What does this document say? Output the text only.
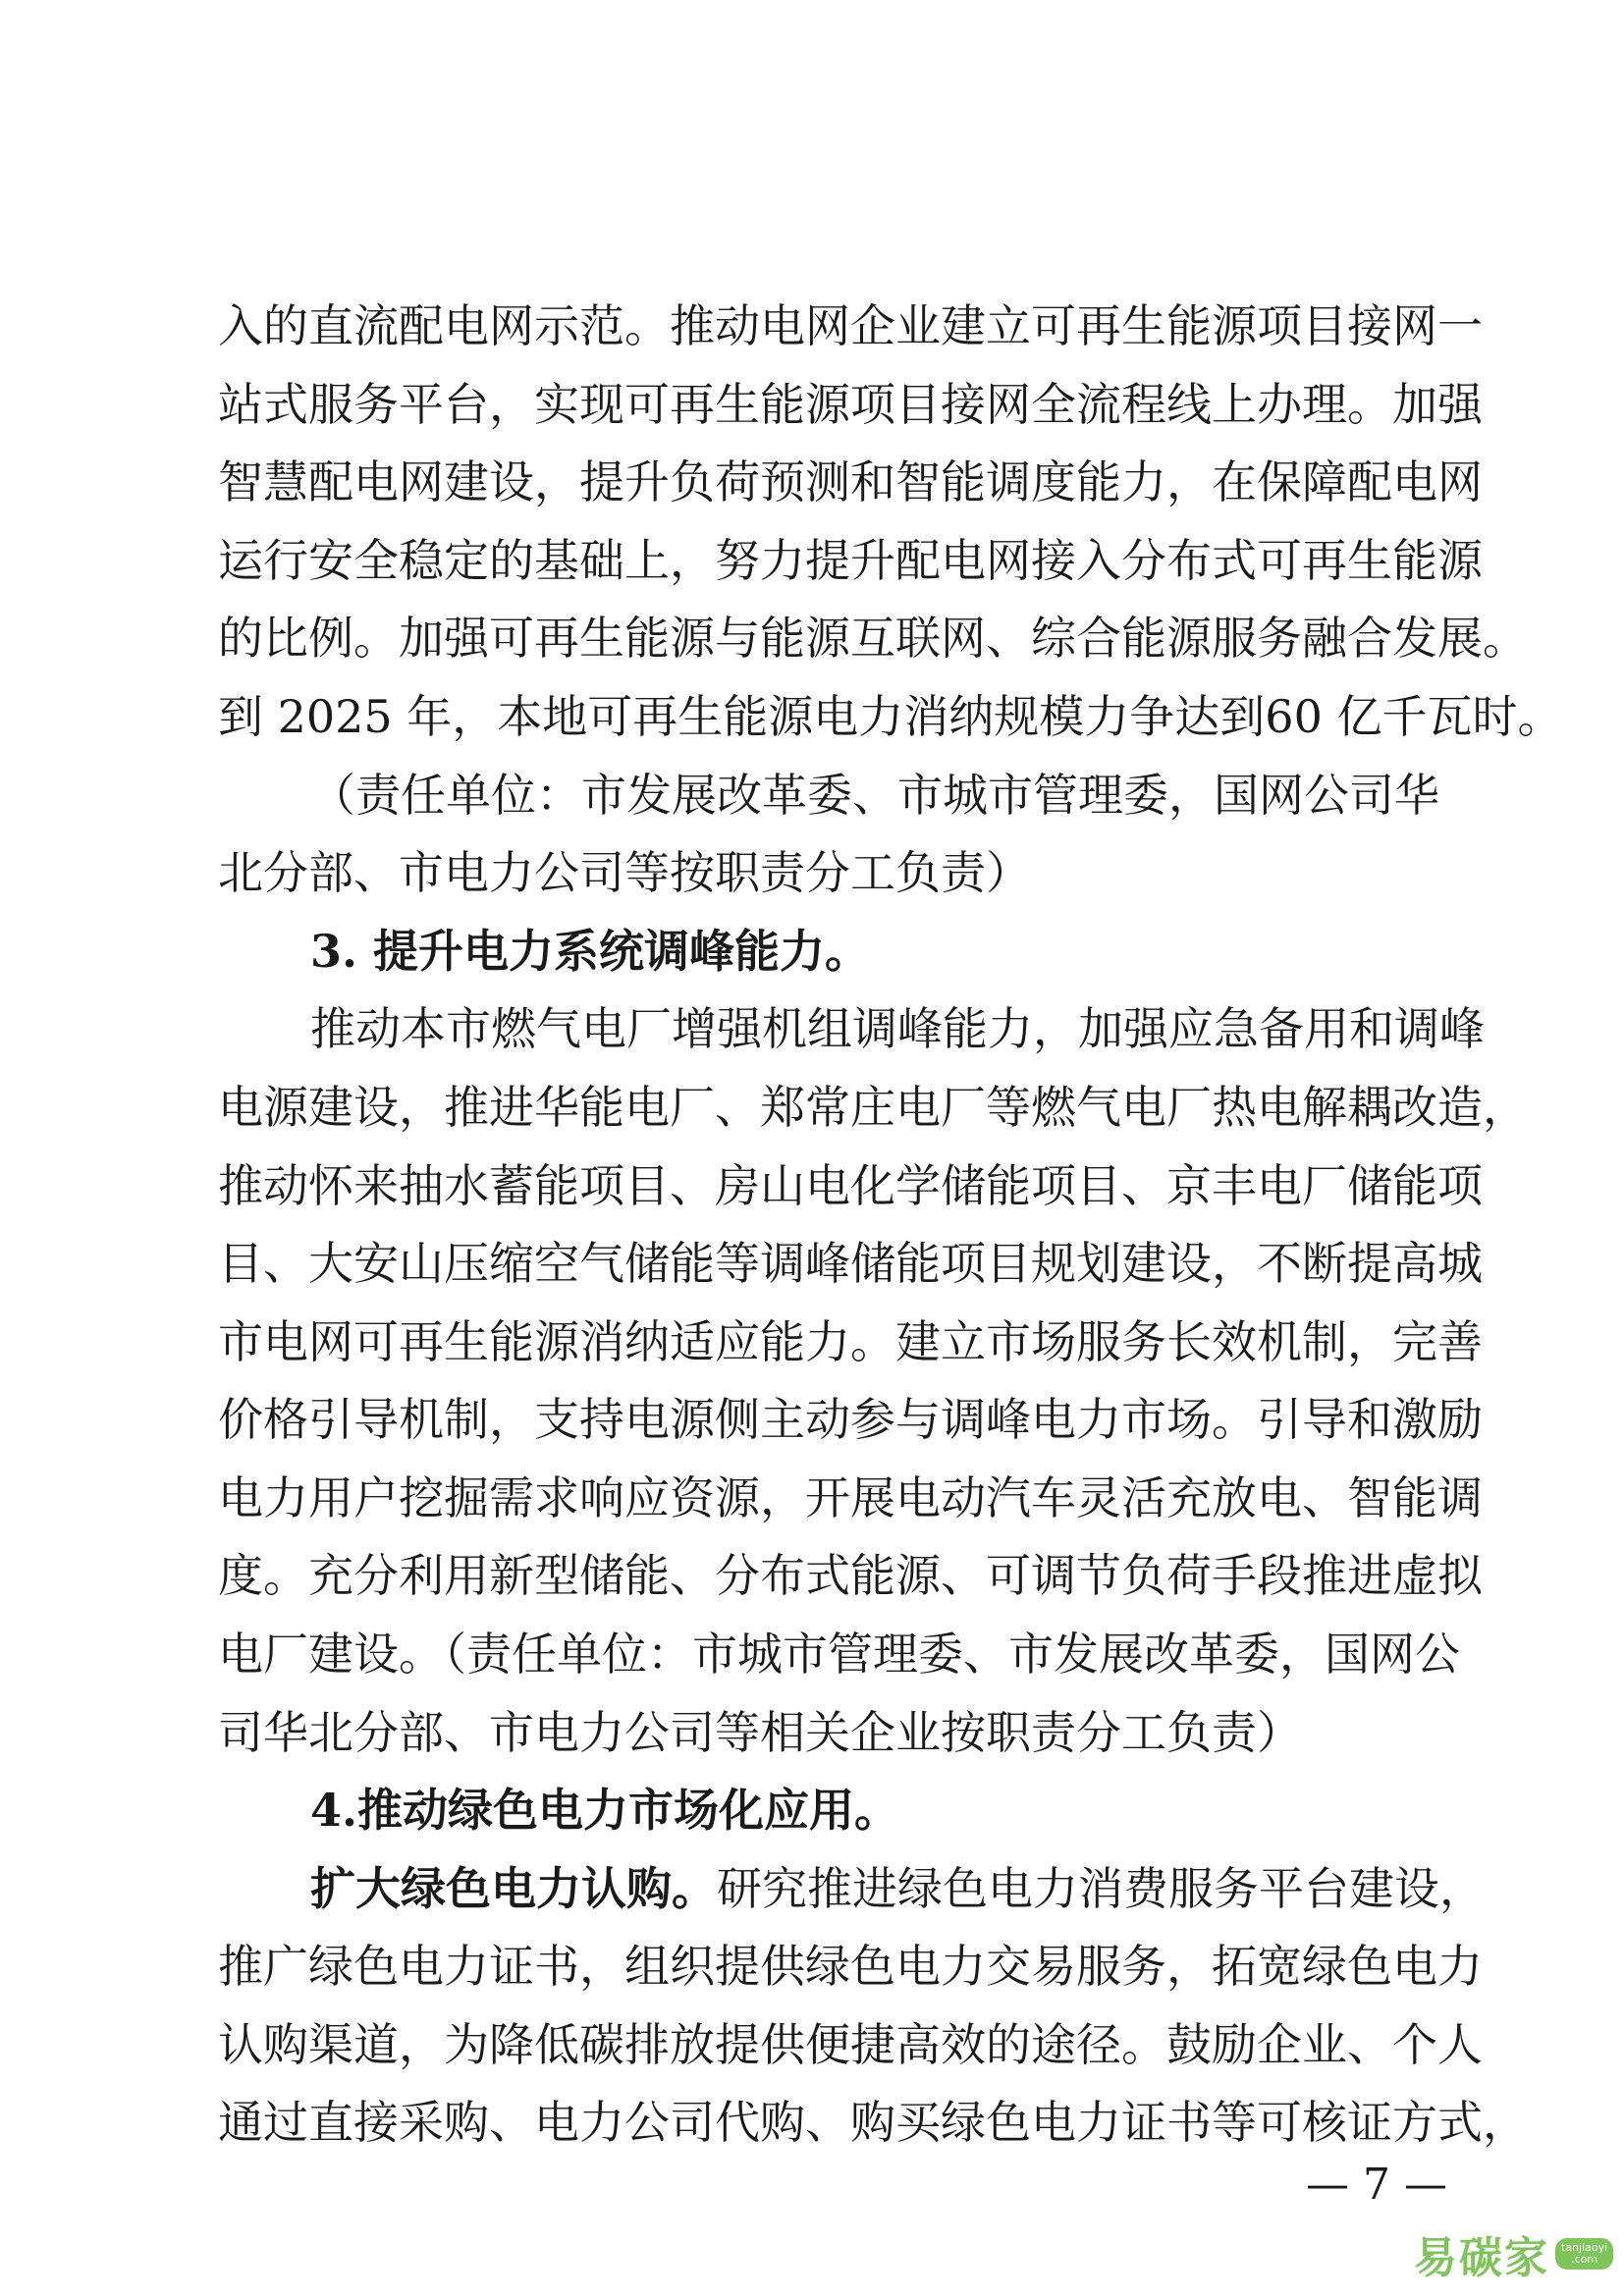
入的直流配电网示范。推动电网企业建立可再生能源项目接网一
站式服务平台，实现可再生能源项目接网全流程线上办理。加强
智慧配电网建设，提升负荷预测和智能调度能力，在保障配电网
运行安全稳定的基础上，努力提升配电网接入分布式可再生能源
的比例。加强可再生能源与能源互联网、综合能源服务融合发展。
到 2025 年，本地可再生能源电力消纳规模力争达到60 亿千瓦时。
（责任单位：市发展改革委、市城市管理委，国网公司华
北分部、市电力公司等按职责分工负责）
3. 提升电力系统调峰能力。
推动本市燃气电厂增强机组调峰能力，加强应急备用和调峰
电源建设，推进华能电厂、郑常庄电厂等燃气电厂热电解耦改造，
推动怀来抽水蓄能项目、房山电化学储能项目、京丰电厂储能项
目、大安山压缩空气储能等调峰储能项目规划建设，不断提高城
市电网可再生能源消纳适应能力。建立市场服务长效机制，完善
价格引导机制，支持电源侧主动参与调峰电力市场。引导和激励
电力用户挖掘需求响应资源，开展电动汽车灵活充放电、智能调
度。充分利用新型储能、分布式能源、可调节负荷手段推进虚拟
电厂建设。（责任单位：市城市管理委、市发展改革委，国网公
司华北分部、市电力公司等相关企业按职责分工负责）
4.推动绿色电力市场化应用。
扩大绿色电力认购。研究推进绿色电力消费服务平台建设，
推广绿色电力证书，组织提供绿色电力交易服务，拓宽绿色电力
认购渠道，为降低碳排放提供便捷高效的途径。鼓励企业、个人
通过直接采购、电力公司代购、购买绿色电力证书等可核证方式，
— 7 —
易碳家	tanjiaoyi
.com
